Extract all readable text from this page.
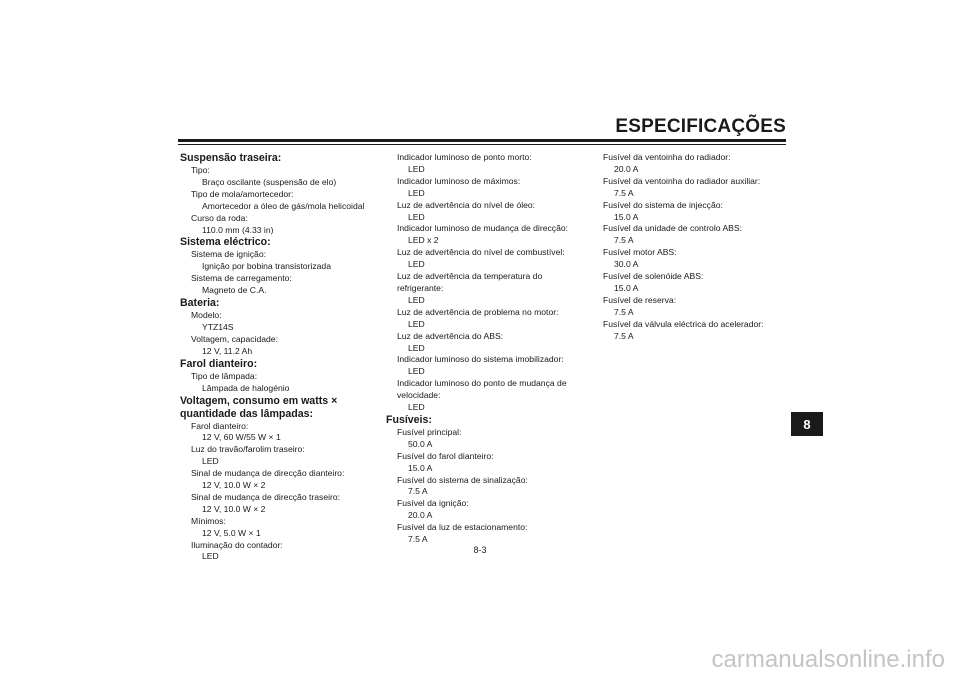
ESPECIFICAÇÕES
Suspensão traseira:
Tipo:
Braço oscilante (suspensão de elo)
Tipo de mola/amortecedor:
Amortecedor a óleo de gás/mola helicoidal
Curso da roda:
110.0 mm (4.33 in)
Sistema eléctrico:
Sistema de ignição:
Ignição por bobina transistorizada
Sistema de carregamento:
Magneto de C.A.
Bateria:
Modelo:
YTZ14S
Voltagem, capacidade:
12 V, 11.2 Ah
Farol dianteiro:
Tipo de lâmpada:
Lâmpada de halogénio
Voltagem, consumo em watts ×
quantidade das lâmpadas:
Farol dianteiro:
12 V, 60 W/55 W × 1
Luz do travão/farolim traseiro:
LED
Sinal de mudança de direcção dianteiro:
12 V, 10.0 W × 2
Sinal de mudança de direcção traseiro:
12 V, 10.0 W × 2
Mínimos:
12 V, 5.0 W × 1
Iluminação do contador:
LED
Indicador luminoso de ponto morto:
LED
Indicador luminoso de máximos:
LED
Luz de advertência do nível de óleo:
LED
Indicador luminoso de mudança de direcção:
LED x 2
Luz de advertência do nível de combustível:
LED
Luz de advertência da temperatura do
refrigerante:
LED
Luz de advertência de problema no motor:
LED
Luz de advertência do ABS:
LED
Indicador luminoso do sistema imobilizador:
LED
Indicador luminoso do ponto de mudança de
velocidade:
LED
Fusíveis:
Fusível principal:
50.0 A
Fusível do farol dianteiro:
15.0 A
Fusível do sistema de sinalização:
7.5 A
Fusível da ignição:
20.0 A
Fusível da luz de estacionamento:
7.5 A
Fusível da ventoinha do radiador:
20.0 A
Fusível da ventoinha do radiador auxiliar:
7.5 A
Fusível do sistema de injecção:
15.0 A
Fusível da unidade de controlo ABS:
7.5 A
Fusível motor ABS:
30.0 A
Fusível de solenóide ABS:
15.0 A
Fusível de reserva:
7.5 A
Fusível da válvula eléctrica do acelerador:
7.5 A
8
8-3
carmanualsonline.info
